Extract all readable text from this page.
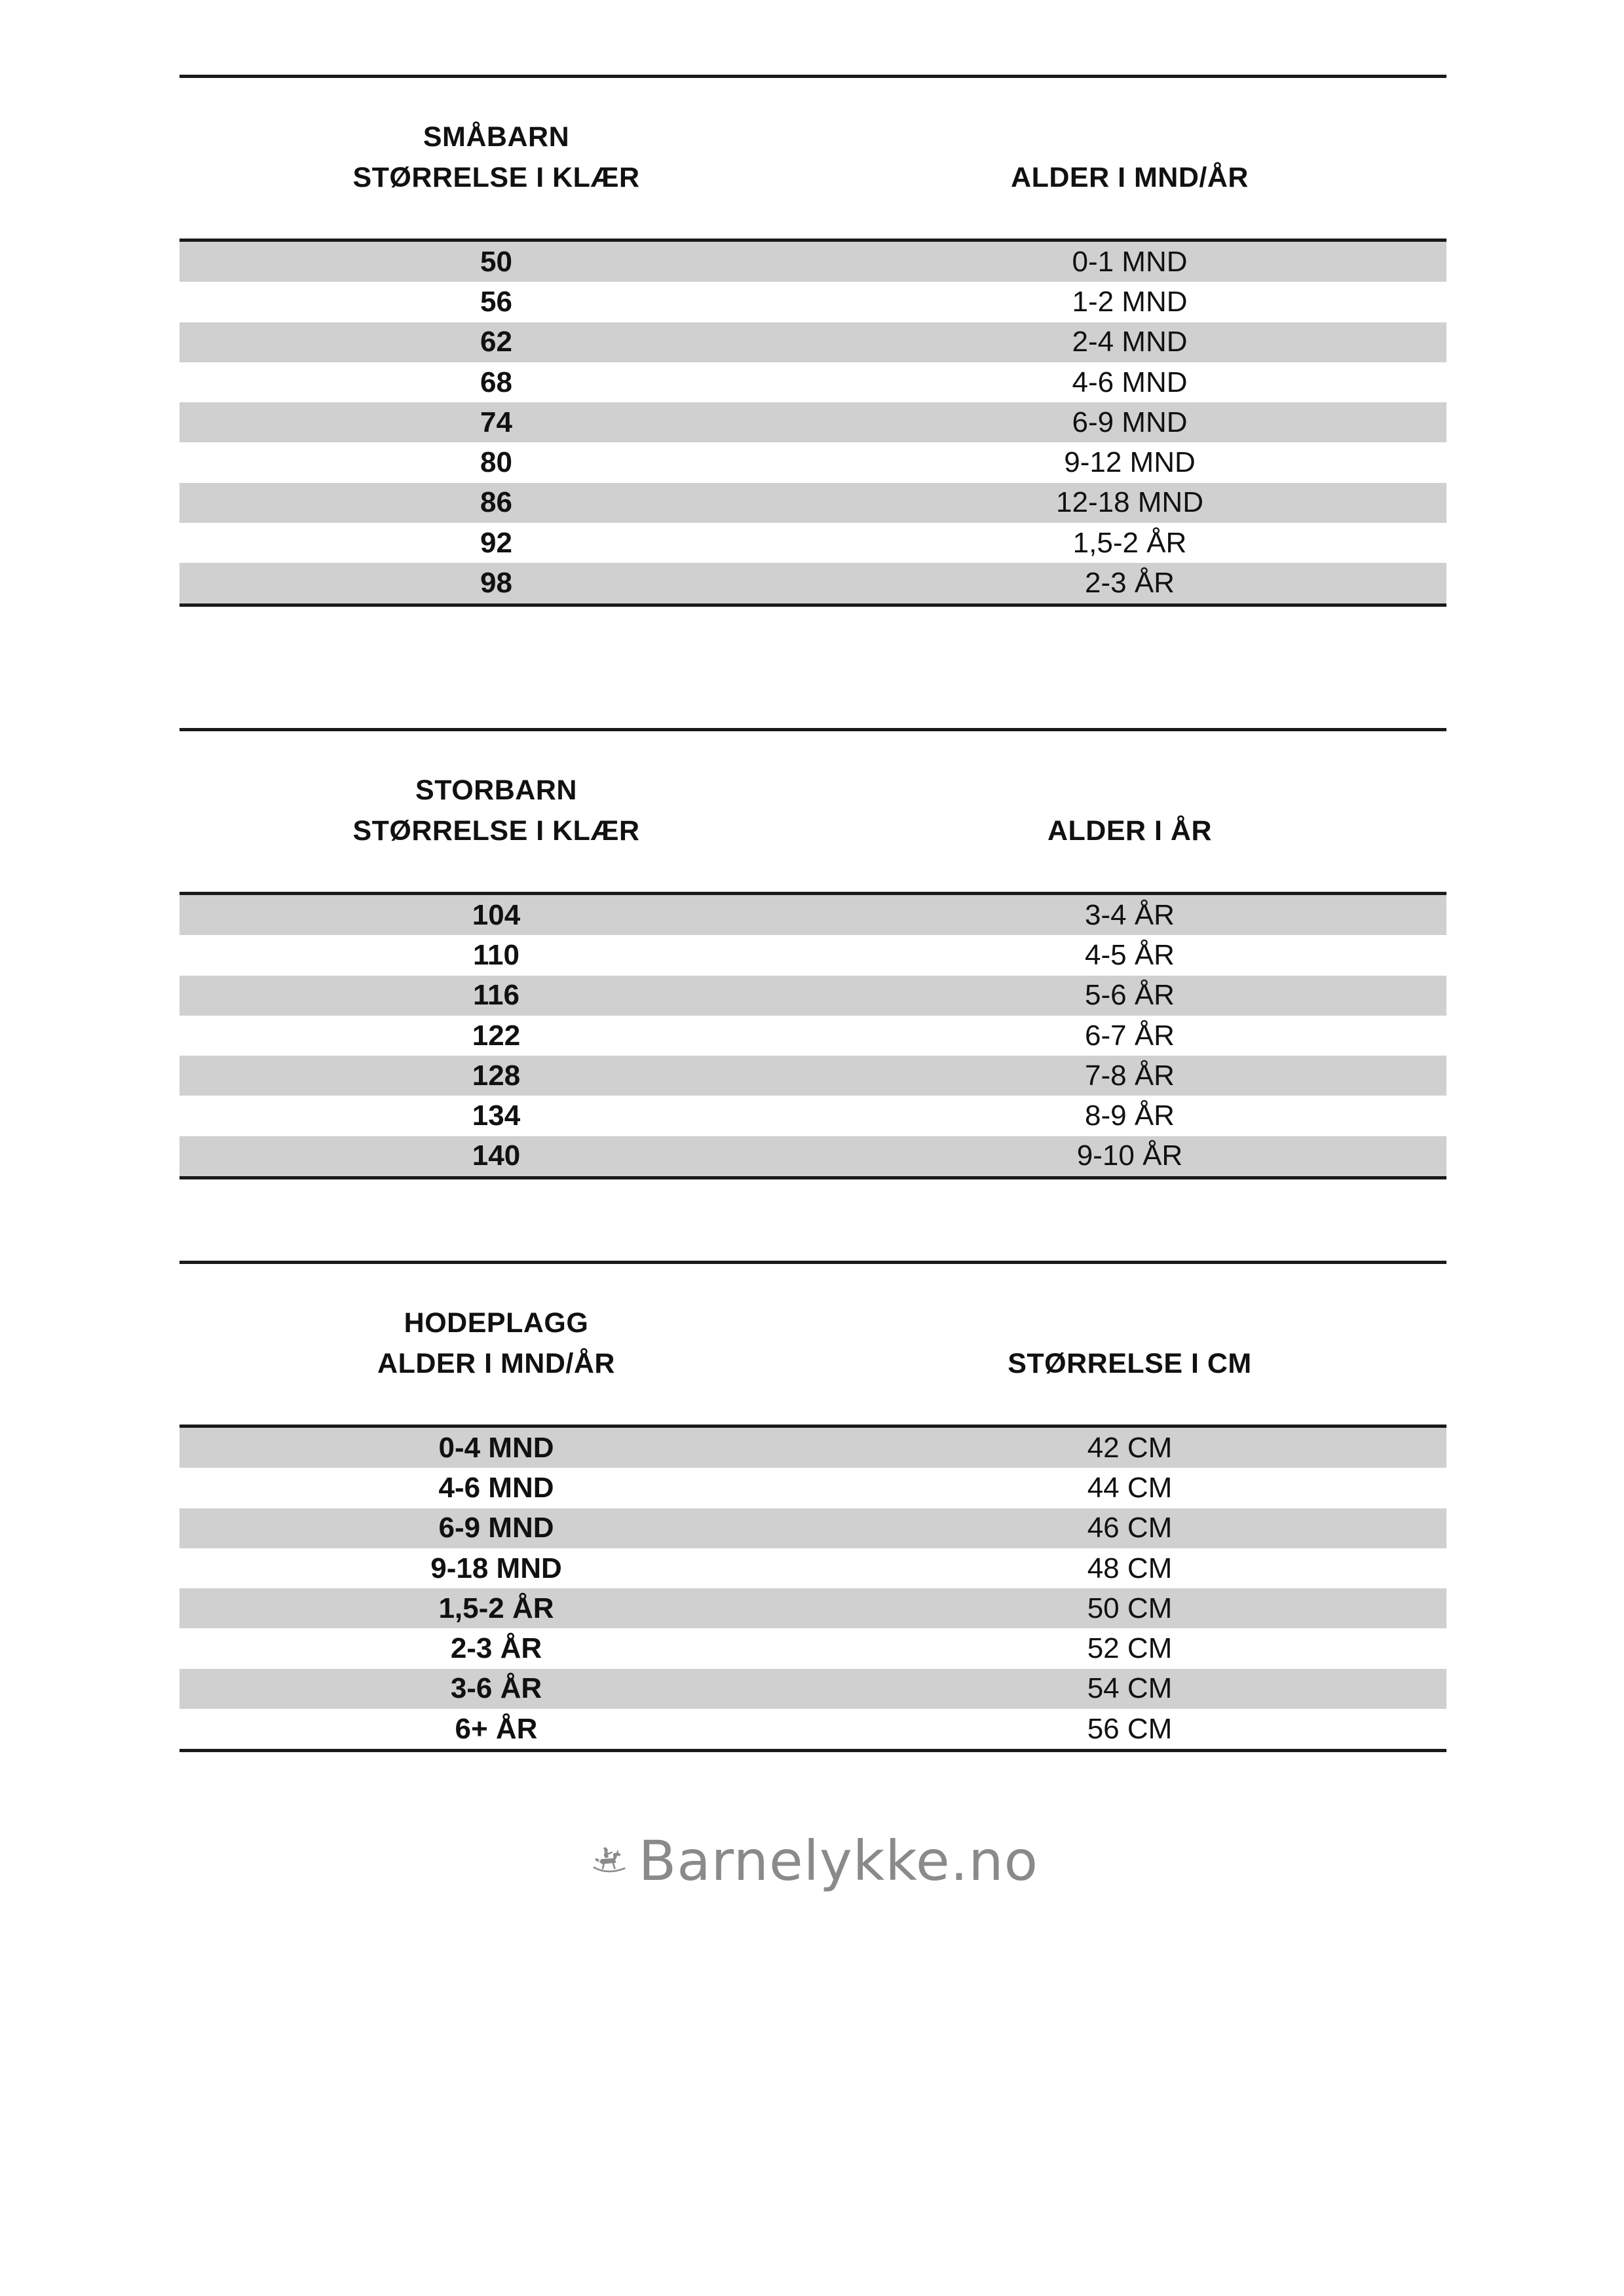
SMÅBARN
STØRRELSE I KLÆR	ALDER I MND/ÅR
50	0-1 MND
56	1-2 MND
62	2-4 MND
68	4-6 MND
74	6-9 MND
80	9-12 MND
86	12-18 MND
92	1,5-2 ÅR
98	2-3 ÅR
STORBARN
STØRRELSE I KLÆR	ALDER I ÅR
104	3-4 ÅR
110	4-5 ÅR
116	5-6 ÅR
122	6-7 ÅR
128	7-8 ÅR
134	8-9 ÅR
140	9-10 ÅR
HODEPLAGG
ALDER I MND/ÅR	STØRRELSE I CM
0-4 MND	42 CM
4-6 MND	44 CM
6-9 MND	46 CM
9-18 MND	48 CM
1,5-2 ÅR	50 CM
2-3 ÅR	52 CM
3-6 ÅR	54 CM
6+ ÅR	56 CM
Barnelykke.no
